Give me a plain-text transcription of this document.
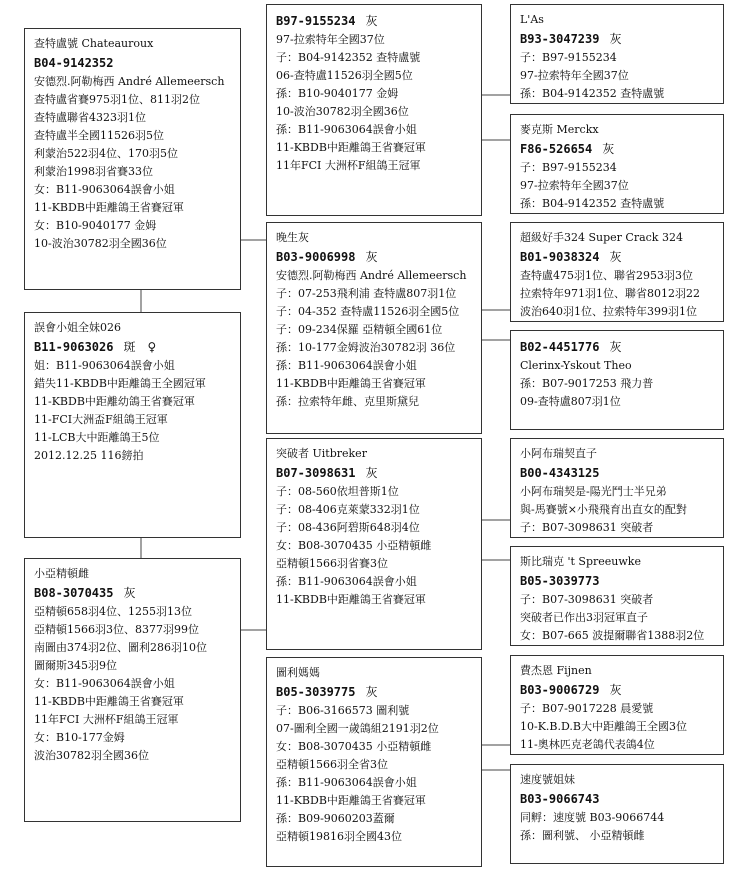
查特盧號 Chateauroux
B04-9142352
安德烈.阿勒梅西 André Allemeersch
查特盧省賽975羽1位、811羽2位
查特盧聯省4323羽1位
查特盧半全國11526羽5位
利蒙治522羽4位、170羽5位
利蒙治1998羽省賽33位
女：B11-9063064誤會小姐
11-KBDB中距離鴿王省賽冠軍
女：B10-9040177 金姆
10-波治30782羽全國36位
誤會小姐全妹026
B11-9063026 斑　♀
姐：B11-9063064誤會小姐
錯失11-KBDB中距離鴿王全國冠軍
11-KBDB中距離幼鴿王省賽冠軍
11-FCI大洲盃F組鴿王冠軍
11-LCB大中距離鴿王5位
2012.12.25 116鎊拍
小亞精頓雌
B08-3070435 灰
亞精頓658羽4位、1255羽13位
亞精頓1566羽3位、8377羽99位
南圖由374羽2位、圖利286羽10位
圖爾斯345羽9位
女：B11-9063064誤會小姐
11-KBDB中距離鴿王省賽冠軍
11年FCI 大洲杯F組鴿王冠軍
女：B10-177金姆
波治30782羽全國36位
B97-9155234 灰
97-拉索特年全國37位
子：B04-9142352 查特盧號
06-查特盧11526羽全國5位
孫：B10-9040177 金姆
10-波治30782羽全國36位
孫：B11-9063064誤會小姐
11-KBDB中距離鴿王省賽冠軍
11年FCI 大洲杯F組鴿王冠軍
晚生灰
B03-9006998 灰
安德烈.阿勒梅西 André Allemeersch
子：07-253飛利浦 查特盧807羽1位
子：04-352 查特盧11526羽全國5位
子：09-234保羅 亞精頓全國61位
孫：10-177金姆波治30782羽 36位
孫：B11-9063064誤會小姐
11-KBDB中距離鴿王省賽冠軍
孫：拉索特年雌、克里斯黛兒
突破者 Uitbreker
B07-3098631 灰
子：08-560依坦普斯1位
子：08-406克萊蒙332羽1位
子：08-436阿碧斯648羽4位
女：B08-3070435 小亞精頓雌
亞精頓1566羽省賽3位
孫：B11-9063064誤會小姐
11-KBDB中距離鴿王省賽冠軍
圖利媽媽
B05-3039775 灰
子：B06-3166573 圖利號
07-圖利全國一歲鴿組2191羽2位
女：B08-3070435 小亞精頓雌
亞精頓1566羽全省3位
孫：B11-9063064誤會小姐
11-KBDB中距離鴿王省賽冠軍
孫：B09-9060203蓋爾
亞精頓19816羽全國43位
L'As
B93-3047239 灰
子：B97-9155234
97-拉索特年全國37位
孫：B04-9142352 查特盧號
麥克斯 Merckx
F86-526654 灰
子：B97-9155234
97-拉索特年全國37位
孫：B04-9142352 查特盧號
超級好手324 Super Crack 324
B01-9038324 灰
查特盧475羽1位、聯省2953羽3位
拉索特年971羽1位、聯省8012羽22
波治640羽1位、拉索特年399羽1位
B02-4451776 灰
Clerinx-Yskout Theo
孫：B07-9017253 飛力普
09-查特盧807羽1位
小阿布瑞契直子
B00-4343125
小阿布瑞契是-陽光鬥士半兄弟
與-馬賽號×小飛飛育出直女的配對
子：B07-3098631 突破者
斯比瑞克 't Spreeuwke
B05-3039773
子：B07-3098631 突破者
突破者已作出3羽冠軍直子
女：B07-665 波提爾聯省1388羽2位
費杰恩 Fijnen
B03-9006729 灰
子：B07-9017228 晨愛號
10-K.B.D.B大中距離鴿王全國3位
11-奧林匹克老鴿代表鴿4位
速度號姐妹
B03-9066743
同孵：速度號 B03-9066744
孫：圖利號、 小亞精頓雌
